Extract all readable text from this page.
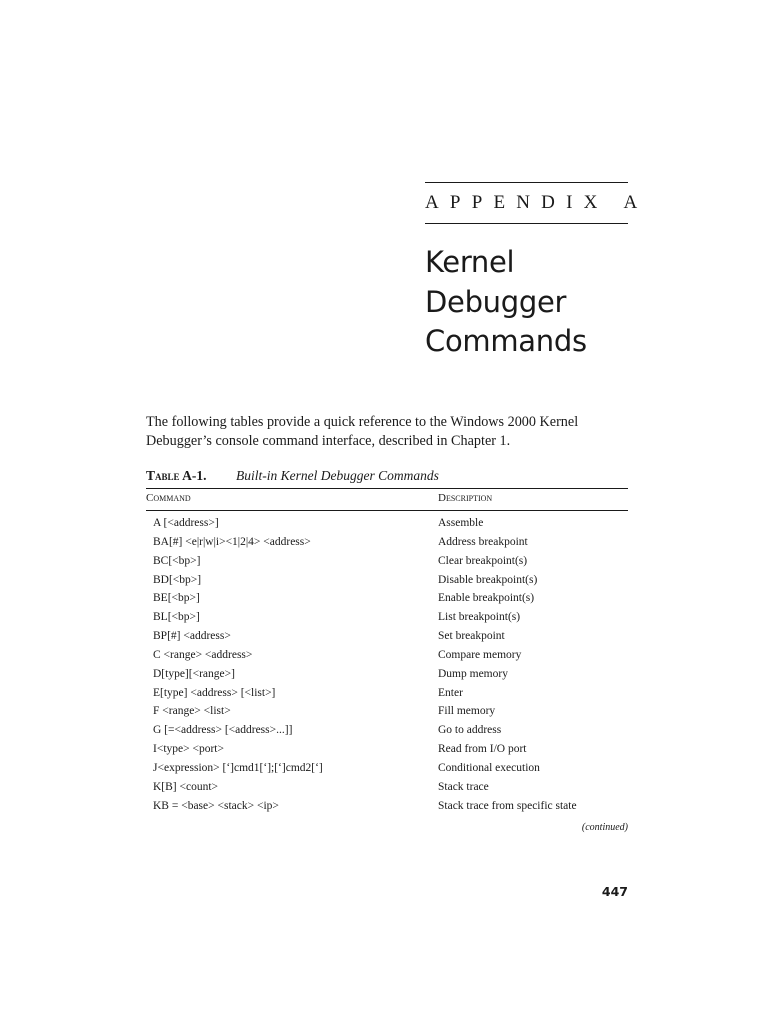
APPENDIX A
Kernel
Debugger
Commands

The following tables provide a quick reference to the Windows 2000 Kernel Debugger’s console command interface, described in Chapter 1.

Table A-1. Built-in Kernel Debugger Commands
Command	Description
A [<address>]	Assemble
BA[#] <e|r|w|i><1|2|4> <address>	Address breakpoint
BC[<bp>]	Clear breakpoint(s)
BD[<bp>]	Disable breakpoint(s)
BE[<bp>]	Enable breakpoint(s)
BL[<bp>]	List breakpoint(s)
BP[#] <address>	Set breakpoint
C <range> <address>	Compare memory
D[type][<range>]	Dump memory
E[type] <address> [<list>]	Enter
F <range> <list>	Fill memory
G [=<address> [<address>...]]	Go to address
I<type> <port>	Read from I/O port
J<expression> [‘]cmd1[‘];[‘]cmd2[‘]	Conditional execution
K[B] <count>	Stack trace
KB = <base> <stack> <ip>	Stack trace from specific state
(continued)
447
